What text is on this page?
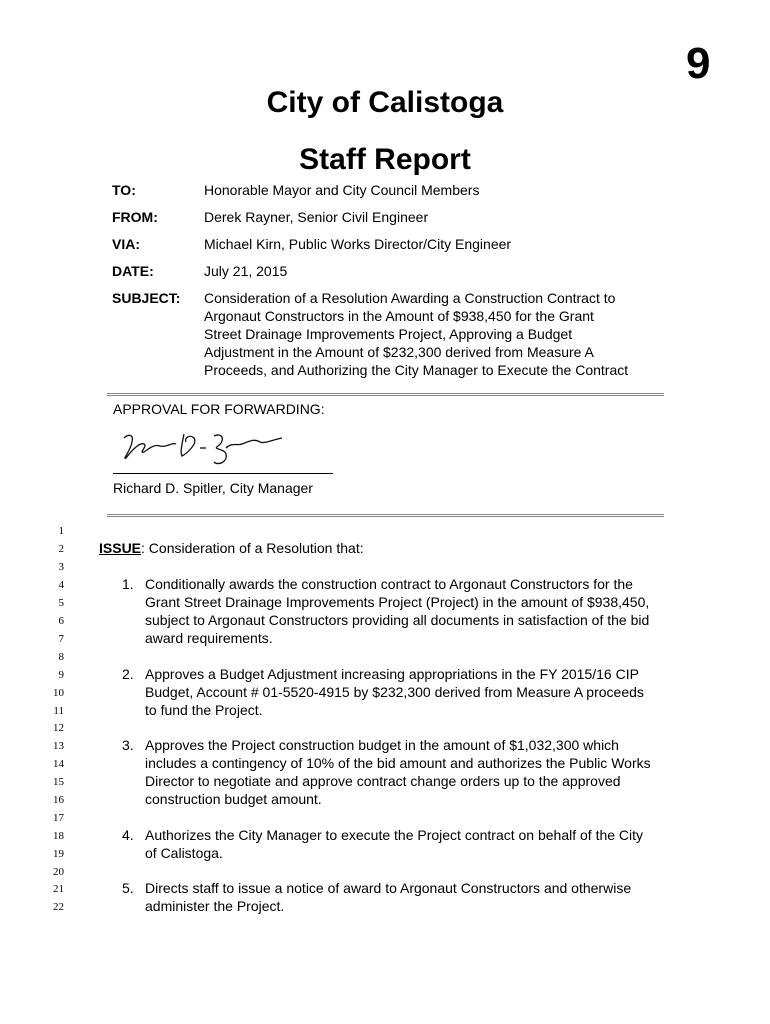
9
City of Calistoga
Staff Report
TO:	Honorable Mayor and City Council Members
FROM:	Derek Rayner, Senior Civil Engineer
VIA:	Michael Kirn, Public Works Director/City Engineer
DATE:	July 21, 2015
SUBJECT: Consideration of a Resolution Awarding a Construction Contract to
Argonaut Constructors in the Amount of $938,450 for the Grant
Street Drainage Improvements Project, Approving a Budget
Adjustment in the Amount of $232,300 derived from Measure A
Proceeds, and Authorizing the City Manager to Execute the Contract
APPROVAL FOR FORWARDING:
Richard D. Spitler, City Manager
1
2
3
4
5
6
7
8
9
10
11
12
13
14
15
16
17
18
19
20
21
22
ISSUE: Consideration of a Resolution that:
1. Conditionally awards the construction contract to Argonaut Constructors for the
Grant Street Drainage Improvements Project (Project) in the amount of $938,450,
subject to Argonaut Constructors providing all documents in satisfaction of the bid
award requirements.
2. Approves a Budget Adjustment increasing appropriations in the FY 2015/16 CIP
Budget, Account # 01-5520-4915 by $232,300 derived from Measure A proceeds
to fund the Project.
3. Approves the Project construction budget in the amount of $1,032,300 which
includes a contingency of 10% of the bid amount and authorizes the Public Works
Director to negotiate and approve contract change orders up to the approved
construction budget amount.
4. Authorizes the City Manager to execute the Project contract on behalf of the City
of Calistoga.
5. Directs staff to issue a notice of award to Argonaut Constructors and otherwise
administer the Project.
